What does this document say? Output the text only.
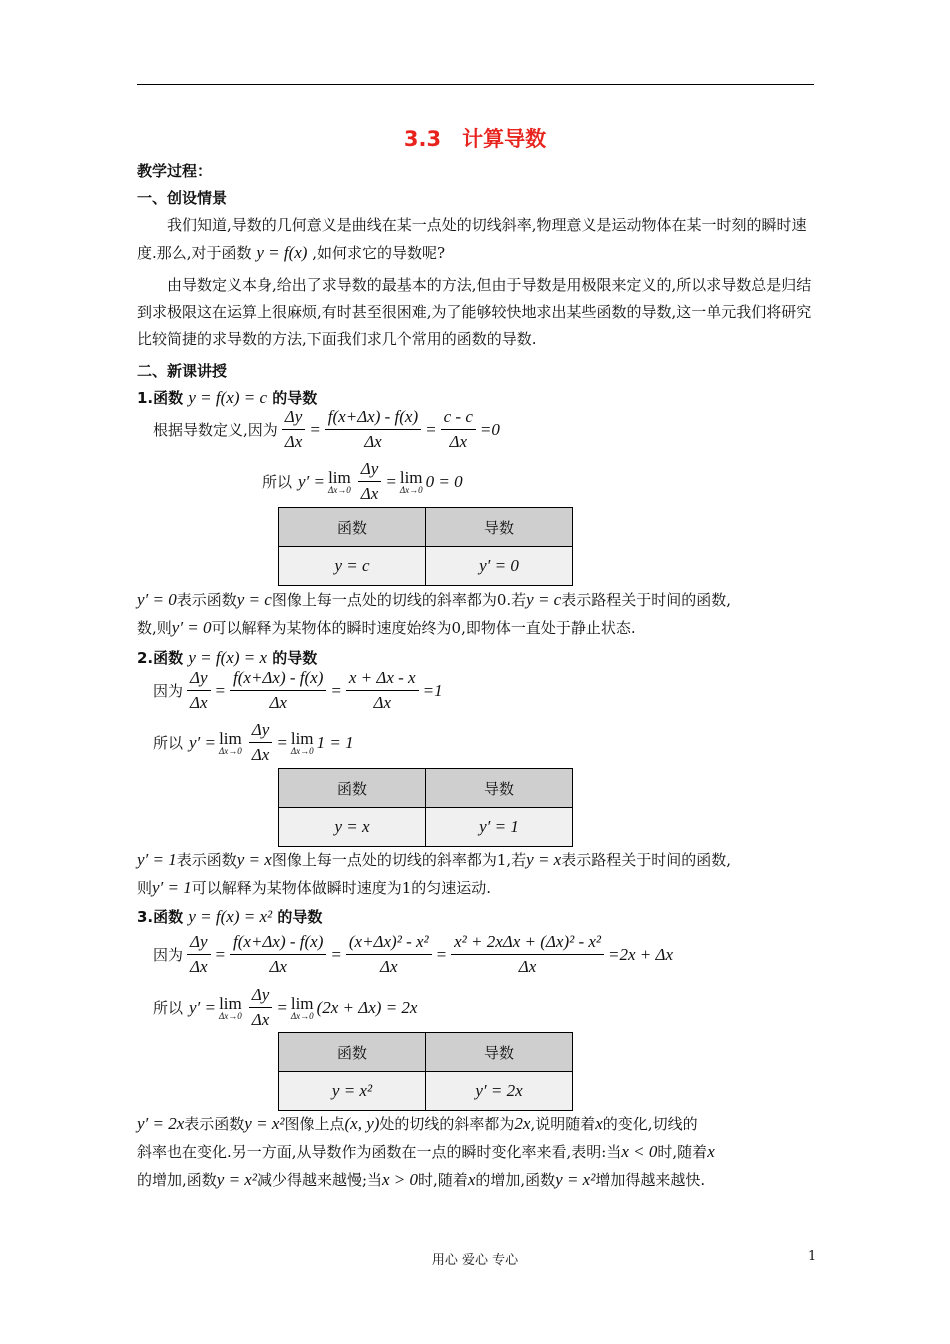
3.3　计算导数
教学过程：
一、创设情景
我们知道,导数的几何意义是曲线在某一点处的切线斜率,物理意义是运动物体在某一时刻的瞬时速度.那么,对于函数 y = f(x) ,如何求它的导数呢?
由导数定义本身,给出了求导数的最基本的方法,但由于导数是用极限来定义的,所以求导数总是归结到求极限这在运算上很麻烦,有时甚至很困难,为了能够较快地求出某些函数的导数,这一单元我们将研究比较简捷的求导数的方法,下面我们求几个常用的函数的导数.
二、新课讲授
1.函数 y = f(x) = c 的导数
根据导数定义,因为 $\frac{\Delta y}{\Delta x} = \frac{f(x+\Delta x) - f(x)}{\Delta x} = \frac{c - c}{\Delta x} = 0$
所以 y′ = lim
$\Delta x\to 0 \frac{\Delta y}{\Delta x} = \lim$
Δx→0 0 = 0
函数	导数
y = c	y′ = 0
y′ = 0表示函数y = c图像上每一点处的切线的斜率都为0.若y = c表示路程关于时间的函数,
数,则y′ = 0可以解释为某物体的瞬时速度始终为0,即物体一直处于静止状态.
2.函数 y = f(x) = x 的导数
因为 $\frac{\Delta y}{\Delta x} = \frac{f(x+\Delta x) - f(x)}{\Delta x} = \frac{x + \Delta x - x}{\Delta x} = 1$
所以 y′ = lim
$\Delta x\to 0 \frac{\Delta y}{\Delta x} = \lim$
Δx→0 1 = 1
函数	导数
y = x	y′ = 1
y′ = 1表示函数y = x图像上每一点处的切线的斜率都为1,若y = x表示路程关于时间的函数,
则y′ = 1可以解释为某物体做瞬时速度为1的匀速运动.
3.函数 y = f(x) = x² 的导数
因为 $\frac{\Delta y}{\Delta x} = \frac{f(x+\Delta x) - f(x)}{\Delta x} = \frac{\text{(x+Δx)² - x²}}{\Delta x} = \frac{\text{x² + 2xΔx + (Δx)² - x²}}{\Delta x} = 2x + \Delta x$
所以 y′ = lim
$\Delta x\to 0 \frac{\Delta y}{\Delta x} = \lim$
Δx→0 (2x + Δx) = 2x
函数	导数
y = x²	y′ = 2x
y′ = 2x表示函数y = x²图像上点(x, y)处的切线的斜率都为2x,说明随着x的变化,切线的
斜率也在变化.另一方面,从导数作为函数在一点的瞬时变化率来看,表明:当x < 0时,随着x
的增加,函数y = x²减少得越来越慢;当x > 0时,随着x的增加,函数y = x²增加得越来越快.
用心 爱心 专心	1
